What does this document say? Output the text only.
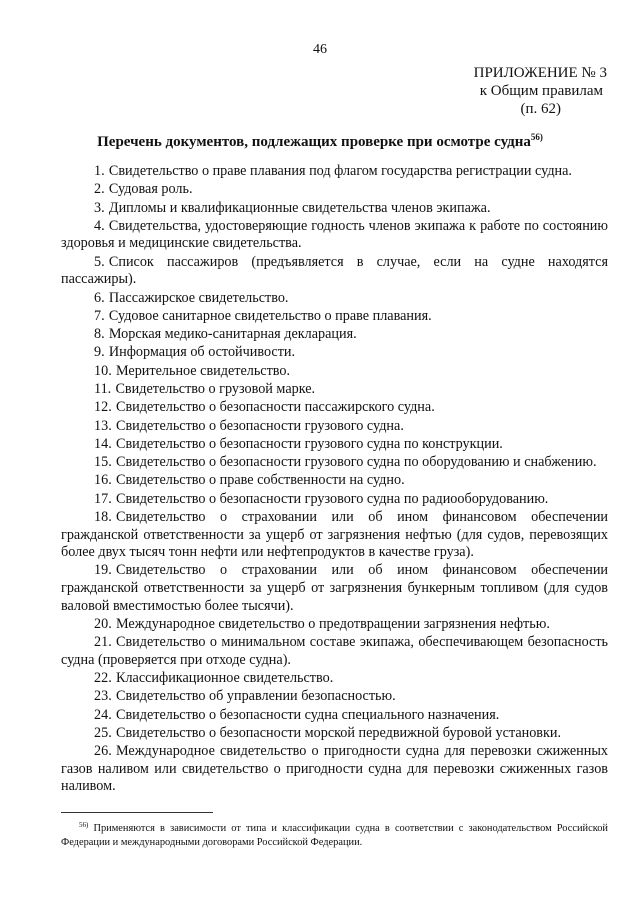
46
ПРИЛОЖЕНИЕ № 3
к Общим правилам
(п. 62)
Перечень документов, подлежащих проверке при осмотре судна$^{56)}$
1. Свидетельство о праве плавания под флагом государства регистрации судна.
2. Судовая роль.
3. Дипломы и квалификационные свидетельства членов экипажа.
4. Свидетельства, удостоверяющие годность членов экипажа к работе по состоянию здоровья и медицинские свидетельства.
5. Список пассажиров (предъявляется в случае, если на судне находятся пассажиры).
6. Пассажирское свидетельство.
7. Судовое санитарное свидетельство о праве плавания.
8. Морская медико-санитарная декларация.
9. Информация об остойчивости.
10. Мерительное свидетельство.
11. Свидетельство о грузовой марке.
12. Свидетельство о безопасности пассажирского судна.
13. Свидетельство о безопасности грузового судна.
14. Свидетельство о безопасности грузового судна по конструкции.
15. Свидетельство о безопасности грузового судна по оборудованию и снабжению.
16. Свидетельство о праве собственности на судно.
17. Свидетельство о безопасности грузового судна по радиооборудованию.
18. Свидетельство о страховании или об ином финансовом обеспечении гражданской ответственности за ущерб от загрязнения нефтью (для судов, перевозящих более двух тысяч тонн нефти или нефтепродуктов в качестве груза).
19. Свидетельство о страховании или об ином финансовом обеспечении гражданской ответственности за ущерб от загрязнения бункерным топливом (для судов валовой вместимостью более тысячи).
20. Международное свидетельство о предотвращении загрязнения нефтью.
21. Свидетельство о минимальном составе экипажа, обеспечивающем безопасность судна (проверяется при отходе судна).
22. Классификационное свидетельство.
23. Свидетельство об управлении безопасностью.
24. Свидетельство о безопасности судна специального назначения.
25. Свидетельство о безопасности морской передвижной буровой установки.
26. Международное свидетельство о пригодности судна для перевозки сжиженных газов наливом или свидетельство о пригодности судна для перевозки сжиженных газов наливом.
$^{56)}$ Применяются в зависимости от типа и классификации судна в соответствии с законодательством Российской Федерации и международными договорами Российской Федерации.
